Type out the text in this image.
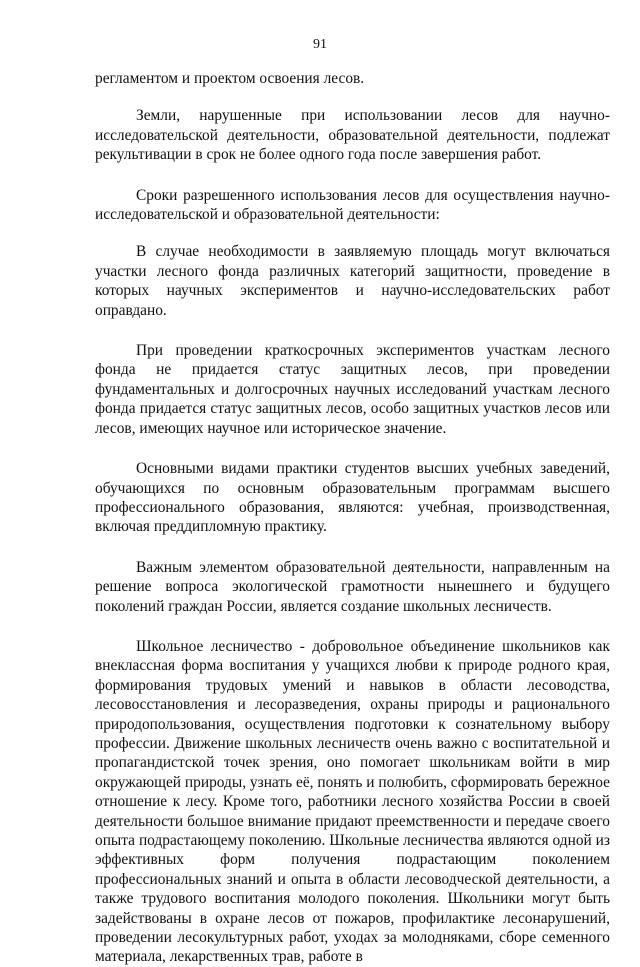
91

регламентом и проектом освоения лесов.

Земли, нарушенные при использовании лесов для научно-исследовательской деятельности, образовательной деятельности, подлежат рекультивации в срок не более одного года после завершения работ.

Сроки разрешенного использования лесов для осуществления научно-исследовательской и образовательной деятельности:

В случае необходимости в заявляемую площадь могут включаться участки лесного фонда различных категорий защитности, проведение в которых научных экспериментов и научно-исследовательских работ оправдано.

При проведении краткосрочных экспериментов участкам лесного фонда не придается статус защитных лесов, при проведении фундаментальных и долгосрочных научных исследований участкам лесного фонда придается статус защитных лесов, особо защитных участков лесов или лесов, имеющих научное или историческое значение.

Основными видами практики студентов высших учебных заведений, обучающихся по основным образовательным программам высшего профессионального образования, являются: учебная, производственная, включая преддипломную практику.

Важным элементом образовательной деятельности, направленным на решение вопроса экологической грамотности нынешнего и будущего поколений граждан России, является создание школьных лесничеств.

Школьное лесничество - добровольное объединение школьников как внеклассная форма воспитания у учащихся любви к природе родного края, формирования трудовых умений и навыков в области лесоводства, лесовосстановления и лесоразведения, охраны природы и рационального природопользования, осуществления подготовки к сознательному выбору профессии. Движение школьных лесничеств очень важно с воспитательной и пропагандистской точек зрения, оно помогает школьникам войти в мир окружающей природы, узнать её, понять и полюбить, сформировать бережное отношение к лесу. Кроме того, работники лесного хозяйства России в своей деятельности большое внимание придают преемственности и передаче своего опыта подрастающему поколению. Школьные лесничества являются одной из эффективных форм получения подрастающим поколением профессиональных знаний и опыта в области лесоводческой деятельности, а также трудового воспитания молодого поколения. Школьники могут быть задействованы в охране лесов от пожаров, профилактике лесонарушений, проведении лесокультурных работ, уходах за молодняками, сборе семенного материала, лекарственных трав, работе в
